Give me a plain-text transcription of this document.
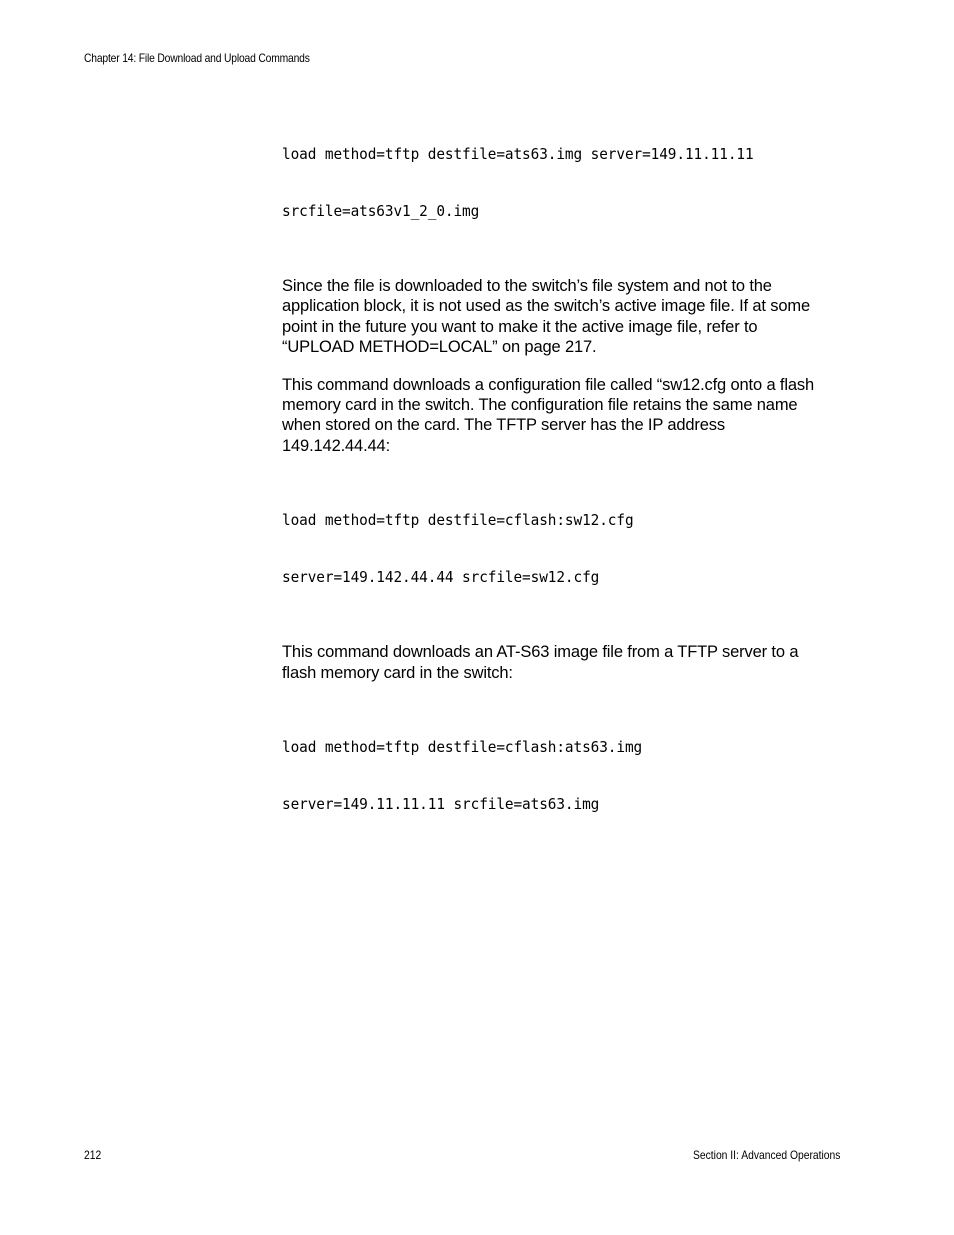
Chapter 14: File Download and Upload Commands

load method=tftp destfile=ats63.img server=149.11.11.11

srcfile=ats63v1_2_0.img

Since the file is downloaded to the switch’s file system and not to the
application block, it is not used as the switch’s active image file. If at some
point in the future you want to make it the active image file, refer to
“UPLOAD METHOD=LOCAL” on page 217.

This command downloads a configuration file called “sw12.cfg onto a flash
memory card in the switch. The configuration file retains the same name
when stored on the card. The TFTP server has the IP address
149.142.44.44:

load method=tftp destfile=cflash:sw12.cfg

server=149.142.44.44 srcfile=sw12.cfg

This command downloads an AT-S63 image file from a TFTP server to a
flash memory card in the switch:

load method=tftp destfile=cflash:ats63.img

server=149.11.11.11 srcfile=ats63.img

212	Section II: Advanced Operations
